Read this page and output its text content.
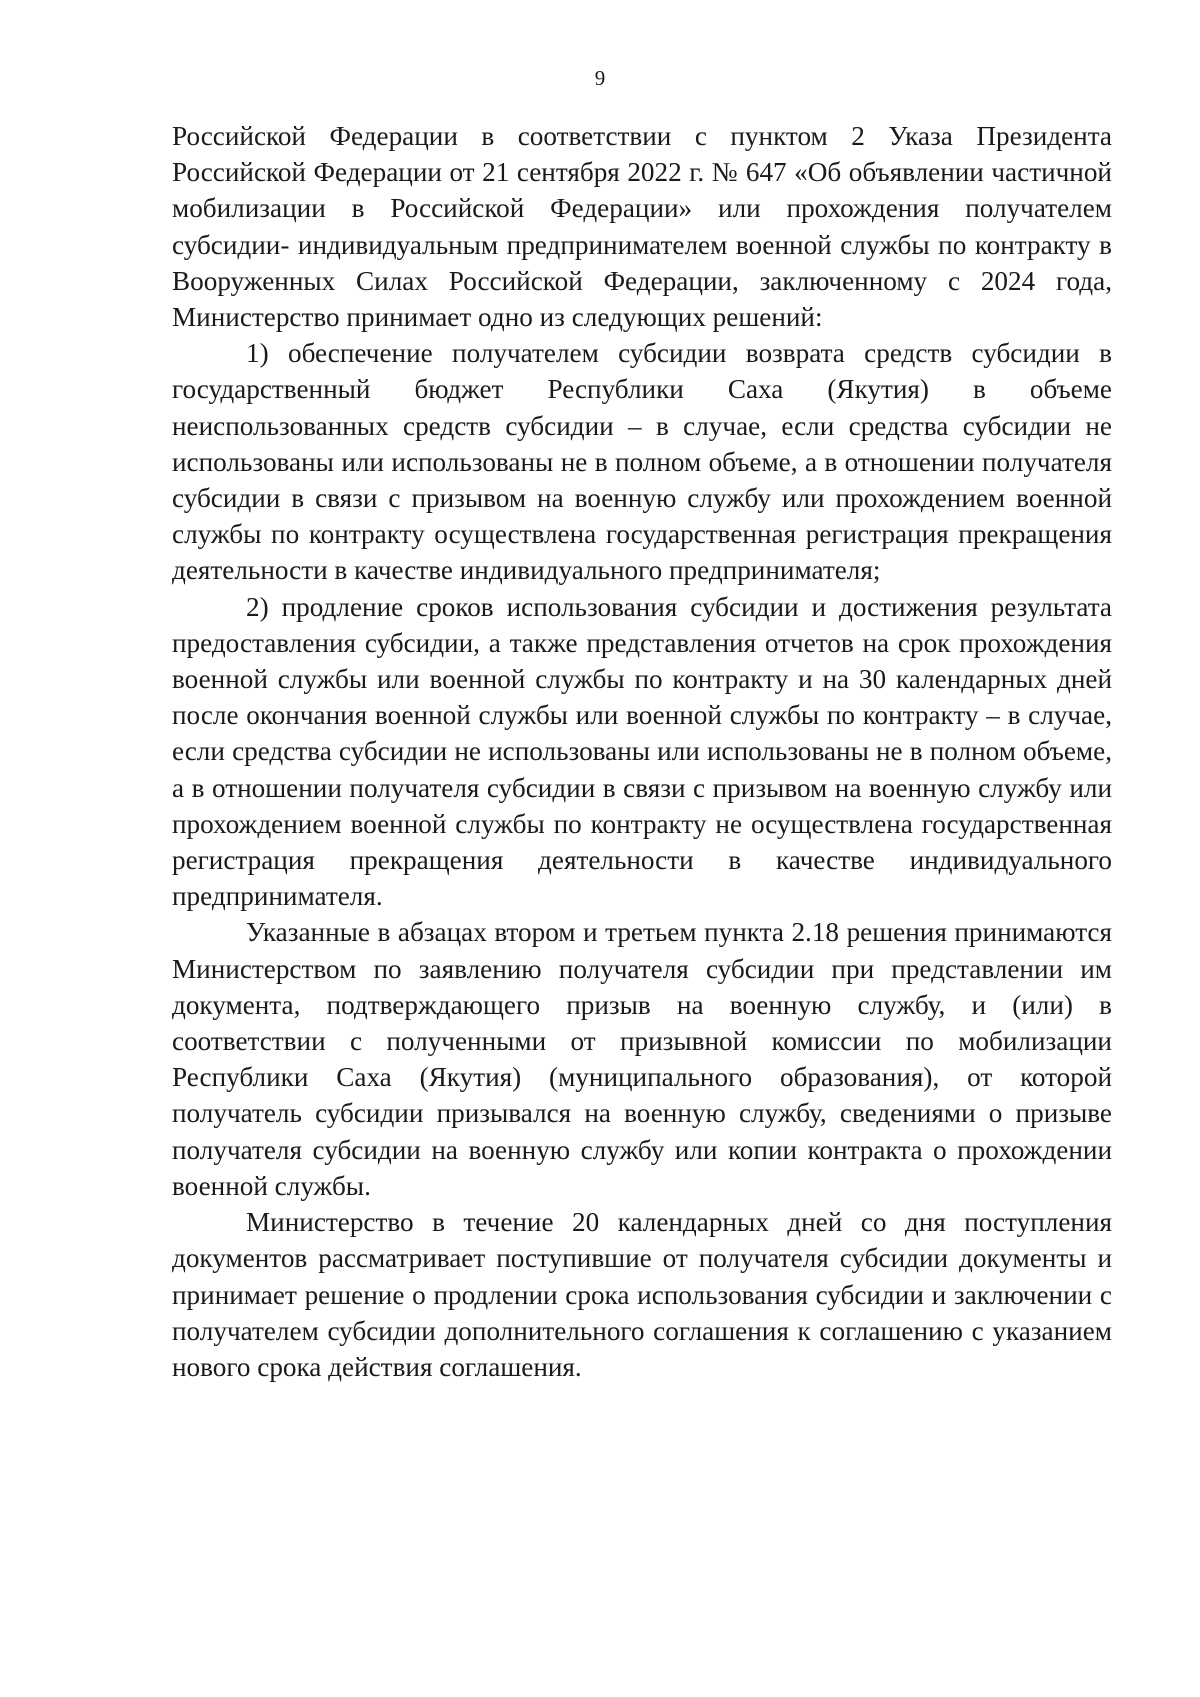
9

Российской Федерации в соответствии с пунктом 2 Указа Президента Российской Федерации от 21 сентября 2022 г. № 647 «Об объявлении частичной мобилизации в Российской Федерации» или прохождения получателем субсидии- индивидуальным предпринимателем военной службы по контракту в Вооруженных Силах Российской Федерации, заключенному с 2024 года, Министерство принимает одно из следующих решений:

1) обеспечение получателем субсидии возврата средств субсидии в государственный бюджет Республики Саха (Якутия) в объеме неиспользованных средств субсидии – в случае, если средства субсидии не использованы или использованы не в полном объеме, а в отношении получателя субсидии в связи с призывом на военную службу или прохождением военной службы по контракту осуществлена государственная регистрация прекращения деятельности в качестве индивидуального предпринимателя;

2) продление сроков использования субсидии и достижения результата предоставления субсидии, а также представления отчетов на срок прохождения военной службы или военной службы по контракту и на 30 календарных дней после окончания военной службы или военной службы по контракту – в случае, если средства субсидии не использованы или использованы не в полном объеме, а в отношении получателя субсидии в связи с призывом на военную службу или прохождением военной службы по контракту не осуществлена государственная регистрация прекращения деятельности в качестве индивидуального предпринимателя.

Указанные в абзацах втором и третьем пункта 2.18 решения принимаются Министерством по заявлению получателя субсидии при представлении им документа, подтверждающего призыв на военную службу, и (или) в соответствии с полученными от призывной комиссии по мобилизации Республики Саха (Якутия) (муниципального образования), от которой получатель субсидии призывался на военную службу, сведениями о призыве получателя субсидии на военную службу или копии контракта о прохождении военной службы.

Министерство в течение 20 календарных дней со дня поступления документов рассматривает поступившие от получателя субсидии документы и принимает решение о продлении срока использования субсидии и заключении с получателем субсидии дополнительного соглашения к соглашению с указанием нового срока действия соглашения.
